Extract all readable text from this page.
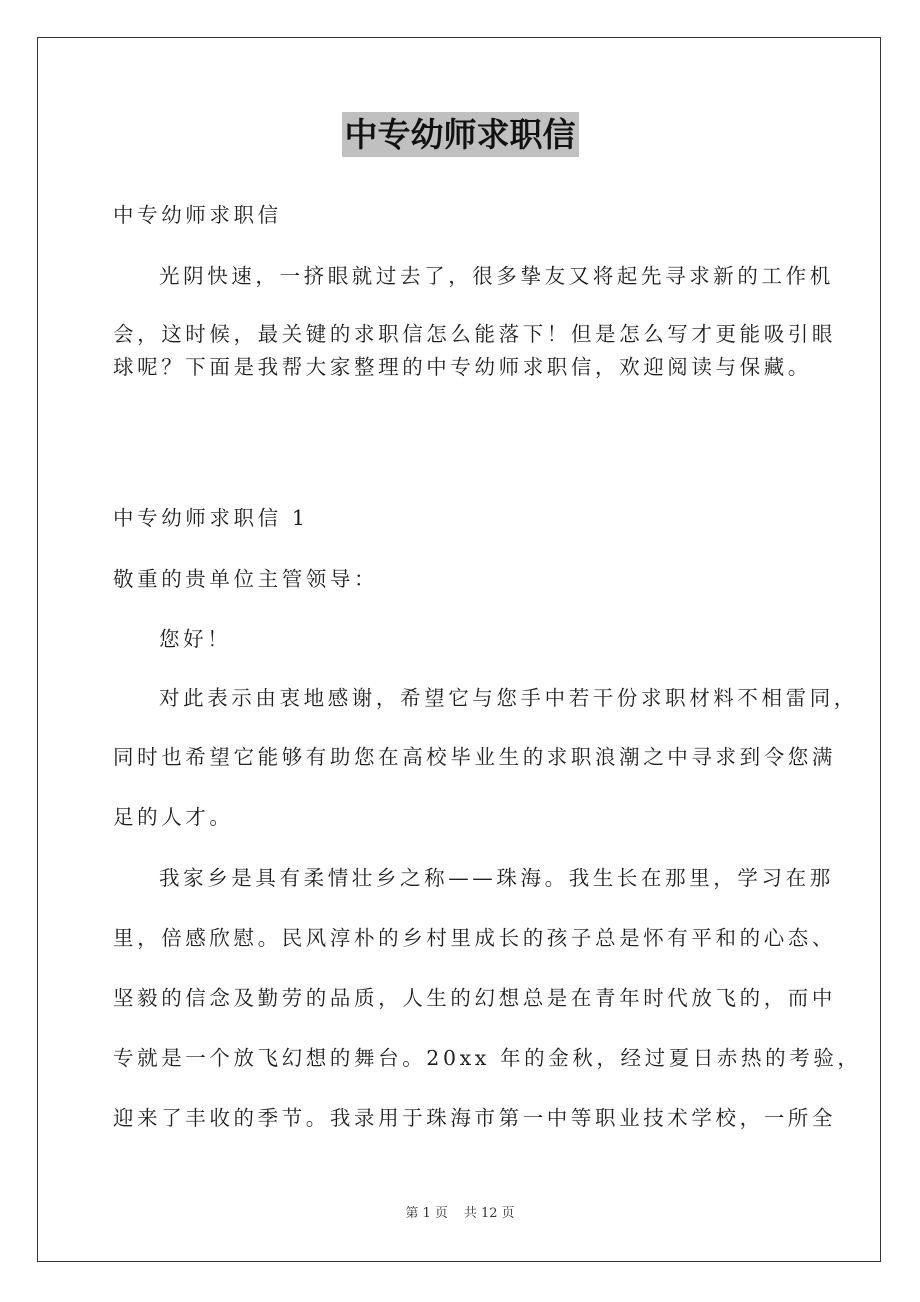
中专幼师求职信
中专幼师求职信
光阴快速，一挤眼就过去了，很多挚友又将起先寻求新的工作机
会，这时候，最关键的求职信怎么能落下！但是怎么写才更能吸引眼
球呢？下面是我帮大家整理的中专幼师求职信，欢迎阅读与保藏。
中专幼师求职信 1
敬重的贵单位主管领导：
您好！
对此表示由衷地感谢，希望它与您手中若干份求职材料不相雷同，
同时也希望它能够有助您在高校毕业生的求职浪潮之中寻求到令您满
足的人才。
我家乡是具有柔情壮乡之称——珠海。我生长在那里，学习在那
里，倍感欣慰。民风淳朴的乡村里成长的孩子总是怀有平和的心态、
坚毅的信念及勤劳的品质，人生的幻想总是在青年时代放飞的，而中
专就是一个放飞幻想的舞台。20xx 年的金秋，经过夏日赤热的考验，
迎来了丰收的季节。我录用于珠海市第一中等职业技术学校，一所全
第 1 页 共 12 页
